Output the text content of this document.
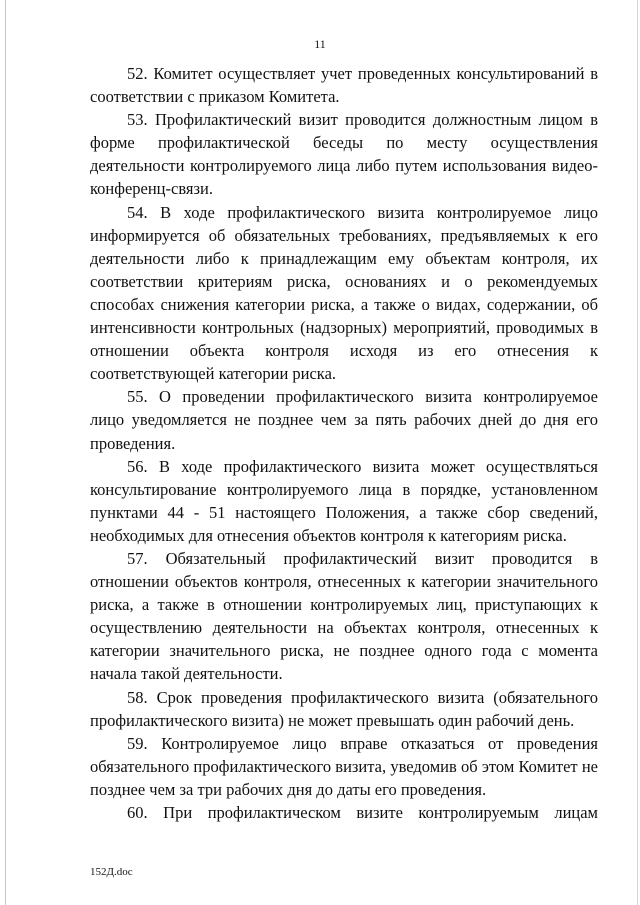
11

52. Комитет осуществляет учет проведенных консультирований в соответствии с приказом Комитета.

53. Профилактический визит проводится должностным лицом в форме профилактической беседы по месту осуществления деятельности контролируемого лица либо путем использования видео-конференц-связи.

54. В ходе профилактического визита контролируемое лицо информируется об обязательных требованиях, предъявляемых к его деятельности либо к принадлежащим ему объектам контроля, их соответствии критериям риска, основаниях и о рекомендуемых способах снижения категории риска, а также о видах, содержании, об интенсивности контрольных (надзорных) мероприятий, проводимых в отношении объекта контроля исходя из его отнесения к соответствующей категории риска.

55. О проведении профилактического визита контролируемое лицо уведомляется не позднее чем за пять рабочих дней до дня его проведения.

56. В ходе профилактического визита может осуществляться консультирование контролируемого лица в порядке, установленном пунктами 44 - 51 настоящего Положения, а также сбор сведений, необходимых для отнесения объектов контроля к категориям риска.

57. Обязательный профилактический визит проводится в отношении объектов контроля, отнесенных к категории значительного риска, а также в отношении контролируемых лиц, приступающих к осуществлению деятельности на объектах контроля, отнесенных к категории значительного риска, не позднее одного года с момента начала такой деятельности.

58. Срок проведения профилактического визита (обязательного профилактического визита) не может превышать один рабочий день.

59. Контролируемое лицо вправе отказаться от проведения обязательного профилактического визита, уведомив об этом Комитет не позднее чем за три рабочих дня до даты его проведения.

60. При профилактическом визите контролируемым лицам

152Д.doc
